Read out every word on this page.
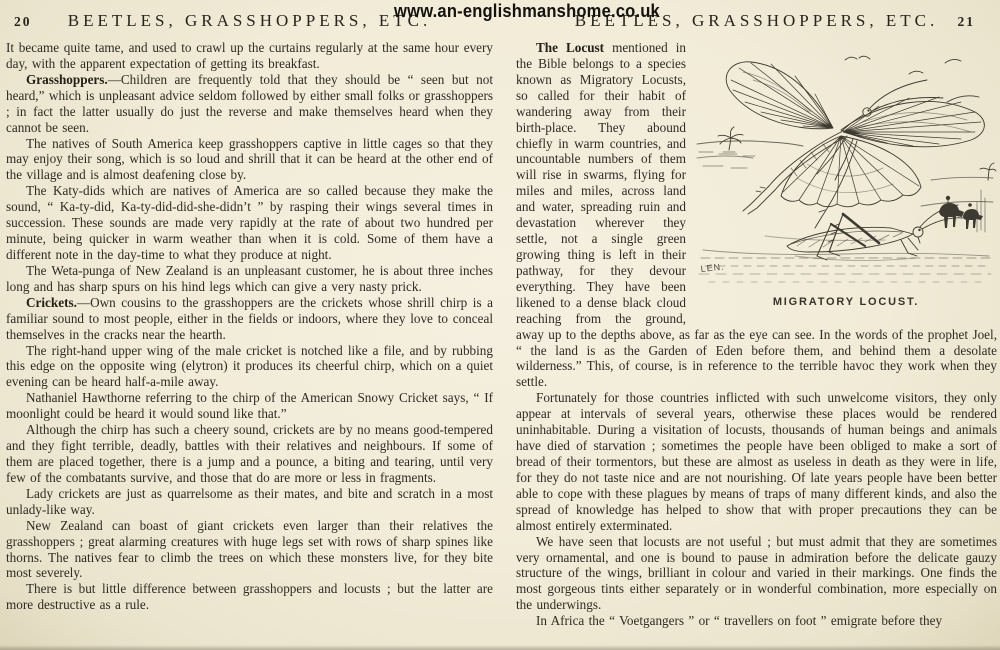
www.an-englishmanshome.co.uk
20	BEETLES, GRASSHOPPERS, ETC.

It became quite tame, and used to crawl up the curtains regularly at the same hour every day, with the apparent expectation of getting its breakfast.

Grasshoppers.—Children are frequently told that they should be “ seen but not heard,” which is unpleasant advice seldom followed by either small folks or grasshoppers ; in fact the latter usually do just the reverse and make themselves heard when they cannot be seen.

The natives of South America keep grasshoppers captive in little cages so that they may enjoy their song, which is so loud and shrill that it can be heard at the other end of the village and is almost deafening close by.

The Katy-dids which are natives of America are so called because they make the sound, “ Ka-ty-did, Ka-ty-did-did-she-didn’t ” by rasping their wings several times in succession. These sounds are made very rapidly at the rate of about two hundred per minute, being quicker in warm weather than when it is cold. Some of them have a different note in the day-time to what they produce at night.

The Weta-punga of New Zealand is an unpleasant customer, he is about three inches long and has sharp spurs on his hind legs which can give a very nasty prick.

Crickets.—Own cousins to the grasshoppers are the crickets whose shrill chirp is a familiar sound to most people, either in the fields or indoors, where they love to conceal themselves in the cracks near the hearth.

The right-hand upper wing of the male cricket is notched like a file, and by rubbing this edge on the opposite wing (elytron) it produces its cheerful chirp, which on a quiet evening can be heard half-a-mile away.

Nathaniel Hawthorne referring to the chirp of the American Snowy Cricket says, “ If moonlight could be heard it would sound like that.”

Although the chirp has such a cheery sound, crickets are by no means good-tempered and they fight terrible, deadly, battles with their relatives and neighbours. If some of them are placed together, there is a jump and a pounce, a biting and tearing, until very few of the combatants survive, and those that do are more or less in fragments.

Lady crickets are just as quarrelsome as their mates, and bite and scratch in a most unlady-like way.

New Zealand can boast of giant crickets even larger than their relatives the grasshoppers ; great alarming creatures with huge legs set with rows of sharp spines like thorns. The natives fear to climb the trees on which these monsters live, for they bite most severely.

There is but little difference between grasshoppers and locusts ; but the latter are more destructive as a rule.

21
BEETLES, GRASSHOPPERS, ETC.
LEN.
MIGRATORY LOCUST.

The Locust mentioned in the Bible belongs to a species known as Migratory Locusts, so called for their habit of wandering away from their birth-place. They abound chiefly in warm countries, and uncountable numbers of them will rise in swarms, flying for miles and miles, across land and water, spreading ruin and devastation wherever they settle, not a single green growing thing is left in their pathway, for they devour everything. They have been likened to a dense black cloud reaching from the ground, away up to the depths above, as far as the eye can see. In the words of the prophet Joel, “ the land is as the Garden of Eden before them, and behind them a desolate wilderness.” This, of course, is in reference to the terrible havoc they work when they settle.

Fortunately for those countries inflicted with such unwelcome visitors, they only appear at intervals of several years, otherwise these places would be rendered uninhabitable. During a visitation of locusts, thousands of human beings and animals have died of starvation ; sometimes the people have been obliged to make a sort of bread of their tormentors, but these are almost as useless in death as they were in life, for they do not taste nice and are not nourishing. Of late years people have been better able to cope with these plagues by means of traps of many different kinds, and also the spread of knowledge has helped to show that with proper precautions they can be almost entirely exterminated.

We have seen that locusts are not useful ; but must admit that they are sometimes very ornamental, and one is bound to pause in admiration before the delicate gauzy structure of the wings, brilliant in colour and varied in their markings. One finds the most gorgeous tints either separately or in wonderful combination, more especially on the underwings.

In Africa the “ Voetgangers ” or “ travellers on foot ” emigrate before they
